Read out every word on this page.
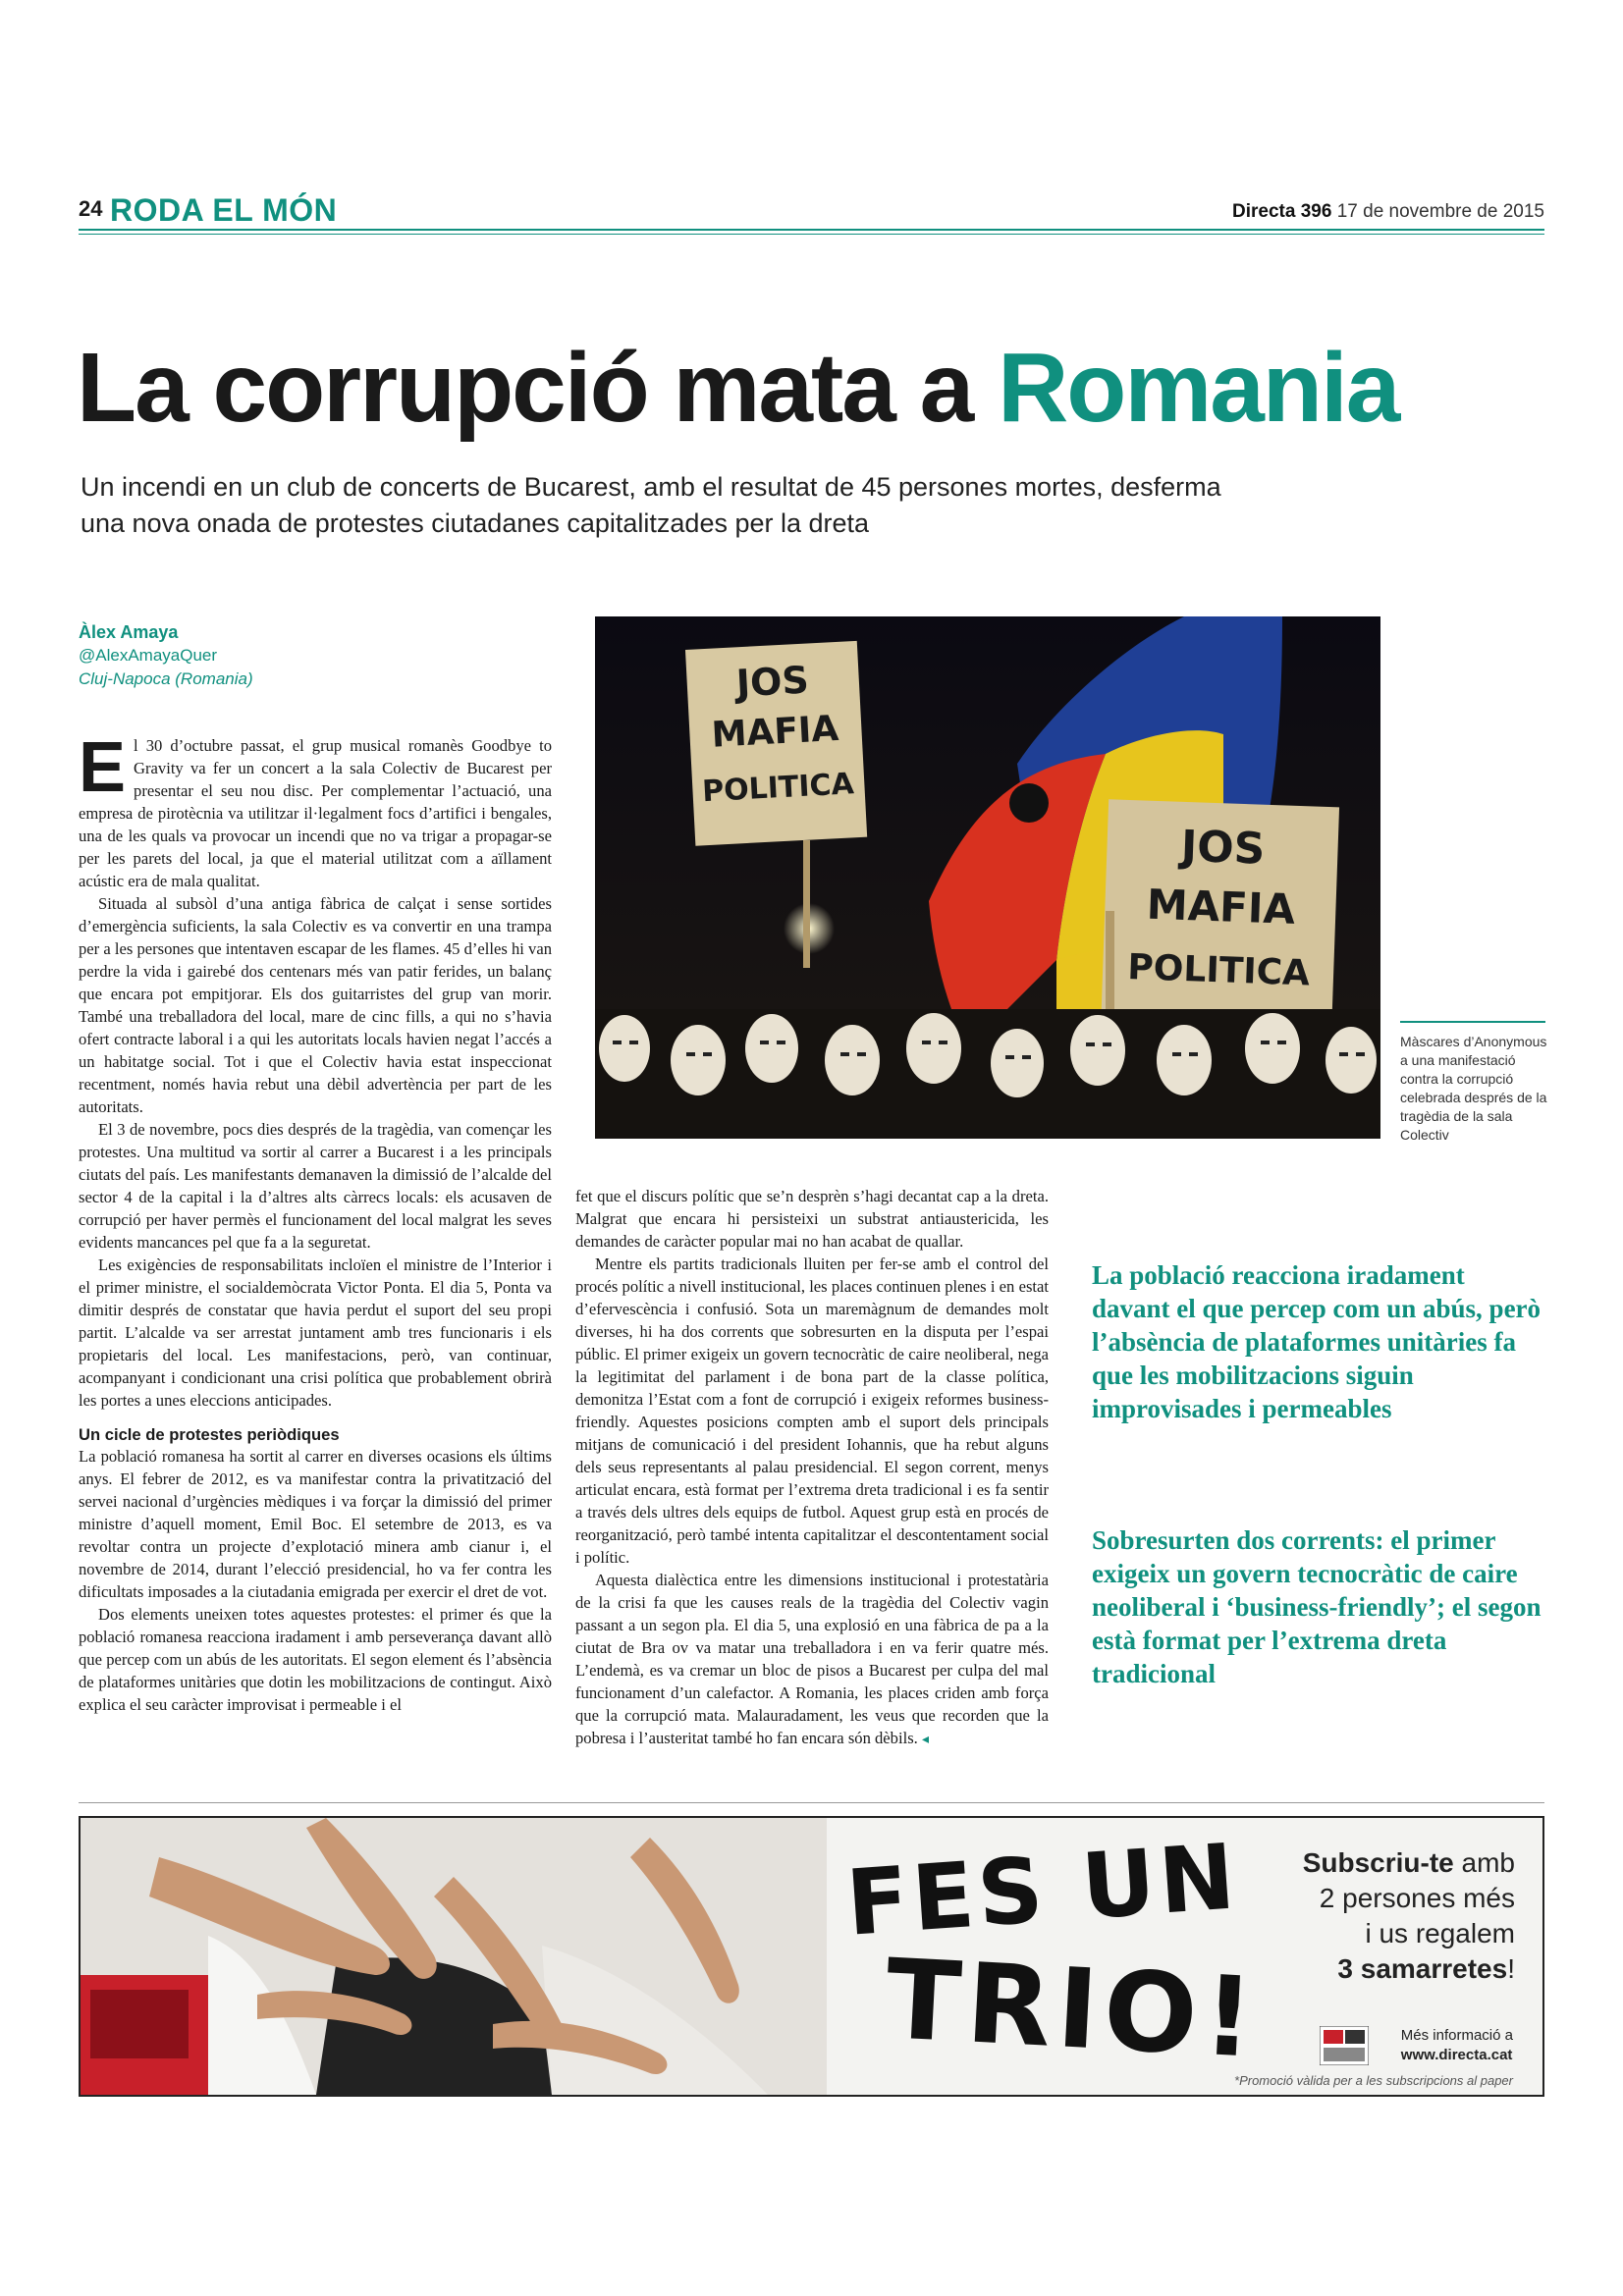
24 RODA EL MÓN	Directa 396 17 de novembre de 2015
La corrupció mata a Romania
Un incendi en un club de concerts de Bucarest, amb el resultat de 45 persones mortes, desferma una nova onada de protestes ciutadanes capitalitzades per la dreta
Àlex Amaya
@AlexAmayaQuer
Cluj-Napoca (Romania)

El 30 d’octubre passat, el grup musical romanès Goodbye to Gravity va fer un concert a la sala Colectiv de Bucarest per presentar el seu nou disc. Per complementar l’actuació, una empresa de pirotècnia va utilitzar il·legalment focs d’artifici i bengales, una de les quals va provocar un incendi que no va trigar a propagar-se per les parets del local, ja que el material utilitzat com a aïllament acústic era de mala qualitat.

Situada al subsòl d’una antiga fàbrica de calçat i sense sortides d’emergència suficients, la sala Colectiv es va convertir en una trampa per a les persones que intentaven escapar de les flames. 45 d’elles hi van perdre la vida i gairebé dos centenars més van patir ferides, un balanç que encara pot empitjorar. Els dos guitarristes del grup van morir. També una treballadora del local, mare de cinc fills, a qui no s’havia ofert contracte laboral i a qui les autoritats locals havien negat l’accés a un habitatge social. Tot i que el Colectiv havia estat inspeccionat recentment, només havia rebut una dèbil advertència per part de les autoritats.

El 3 de novembre, pocs dies després de la tragèdia, van començar les protestes. Una multitud va sortir al carrer a Bucarest i a les principals ciutats del país. Les manifestants demanaven la dimissió de l’alcalde del sector 4 de la capital i la d’altres alts càrrecs locals: els acusaven de corrupció per haver permès el funcionament del local malgrat les seves evidents mancances pel que fa a la seguretat.

Les exigències de responsabilitats incloïen el ministre de l’Interior i el primer ministre, el socialdemòcrata Victor Ponta. El dia 5, Ponta va dimitir després de constatar que havia perdut el suport del seu propi partit. L’alcalde va ser arrestat juntament amb tres funcionaris i els propietaris del local. Les manifestacions, però, van continuar, acompanyant i condicionant una crisi política que probablement obrirà les portes a unes eleccions anticipades.

Un cicle de protestes periòdiques

La població romanesa ha sortit al carrer en diverses ocasions els últims anys. El febrer de 2012, es va manifestar contra la privatització del servei nacional d’urgències mèdiques i va forçar la dimissió del primer ministre d’aquell moment, Emil Boc. El setembre de 2013, es va revoltar contra un projecte d’explotació minera amb cianur i, el novembre de 2014, durant l’elecció presidencial, ho va fer contra les dificultats imposades a la ciutadania emigrada per exercir el dret de vot.

Dos elements uneixen totes aquestes protestes: el primer és que la població romanesa reacciona iradament i amb perseverança davant allò que percep com un abús de les autoritats. El segon element és l’absència de plataformes unitàries que dotin les mobilitzacions de contingut. Això explica el seu caràcter improvisat i permeable i el

JOS
MAFIA
POLITICA
JOS
MAFIA
POLITICA
Màscares d’Anonymous a una manifestació contra la corrupció celebrada després de la tragèdia de la sala Colectiv

fet que el discurs polític que se’n desprèn s’hagi decantat cap a la dreta. Malgrat que encara hi persisteixi un substrat antiaustericida, les demandes de caràcter popular mai no han acabat de quallar.

Mentre els partits tradicionals lluiten per fer-se amb el control del procés polític a nivell institucional, les places continuen plenes i en estat d’efervescència i confusió. Sota un maremàgnum de demandes molt diverses, hi ha dos corrents que sobresurten en la disputa per l’espai públic. El primer exigeix un govern tecnocràtic de caire neoliberal, nega la legitimitat del parlament i de bona part de la classe política, demonitza l’Estat com a font de corrupció i exigeix reformes business-friendly. Aquestes posicions compten amb el suport dels principals mitjans de comunicació i del president Iohannis, que ha rebut alguns dels seus representants al palau presidencial. El segon corrent, menys articulat encara, està format per l’extrema dreta tradicional i es fa sentir a través dels ultres dels equips de futbol. Aquest grup està en procés de reorganització, però també intenta capitalitzar el descontentament social i polític.

Aquesta dialèctica entre les dimensions institucional i protestatària de la crisi fa que les causes reals de la tragèdia del Colectiv vagin passant a un segon pla. El dia 5, una explosió en una fàbrica de pa a la ciutat de Bra ov va matar una treballadora i en va ferir quatre més. L’endemà, es va cremar un bloc de pisos a Bucarest per culpa del mal funcionament d’un calefactor. A Romania, les places criden amb força que la corrupció mata. Malauradament, les veus que recorden que la pobresa i l’austeritat també ho fan encara són dèbils. ◂

La població reacciona iradament davant el que percep com un abús, però l’absència de plataformes unitàries fa que les mobilitzacions siguin improvisades i permeables
Sobresurten dos corrents: el primer exigeix un govern tecnocràtic de caire neoliberal i ‘business-friendly’; el segon està format per l’extrema dreta tradicional
FES UN
TRIO!
Subscriu-te amb
2 persones més
i us regalem
3 samarretes!
Més informació a
www.directa.cat
*Promoció vàlida per a les subscripcions al paper
